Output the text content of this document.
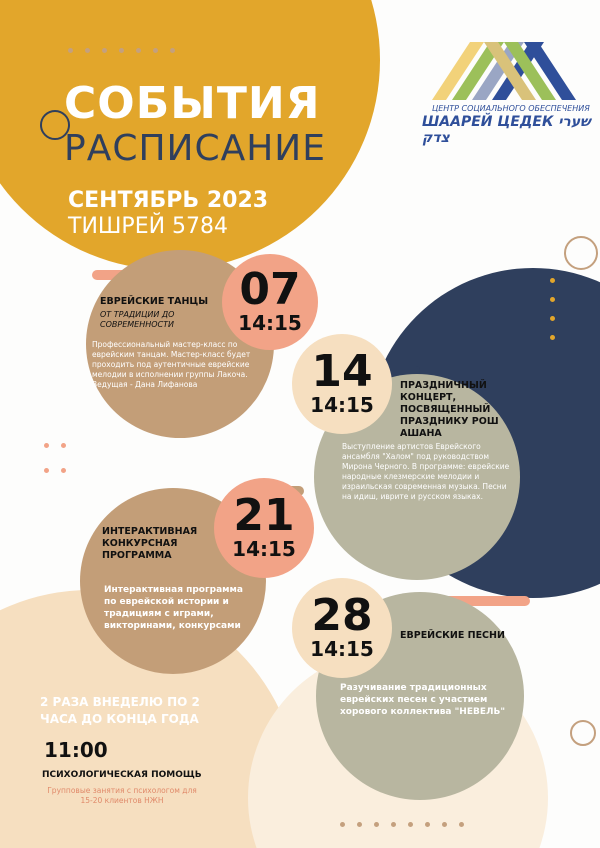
СОБЫТИЯ
РАСПИСАНИЕ
СЕНТЯБРЬ 2023
ТИШРЕЙ 5784
ЦЕНТР СОЦИАЛЬНОГО ОБЕСПЕЧЕНИЯ
ШААРЕЙ ЦЕДЕК שערי צדק
07
14:15
ЕВРЕЙСКИЕ ТАНЦЫ
ОТ ТРАДИЦИИ ДО СОВРЕМЕННОСТИ
Профессиональный мастер-класс по еврейским танцам. Мастер-класс будет проходить под аутентичные еврейские мелодии в исполнении группы Лакоча. Ведущая - Дана Лифанова	14
14:15
ПРАЗДНИЧНЫЙ КОНЦЕРТ, ПОСВЯЩЕННЫЙ ПРАЗДНИКУ РОШ АШАНА
Выступление артистов Еврейского ансамбля "Халом" под руководством Мирона Черного. В программе: еврейские народные клезмерские мелодии и израильская современная музыка. Песни на идиш, иврите и русском языках.
21
14:15
ИНТЕРАКТИВНАЯ КОНКУРСНАЯ ПРОГРАММА
Интерактивная программа по еврейской истории и традициям с играми, викторинами, конкурсами	28
14:15
ЕВРЕЙСКИЕ ПЕСНИ
Разучивание традиционных еврейских песен с участием хорового коллектива "НЕВЕЛЬ"
2 РАЗА ВНЕДЕЛЮ ПО 2 ЧАСА ДО КОНЦА ГОДА
11:00
ПСИХОЛОГИЧЕСКАЯ ПОМОЩЬ
Групповые занятия с психологом для 15-20 клиентов НЖН
